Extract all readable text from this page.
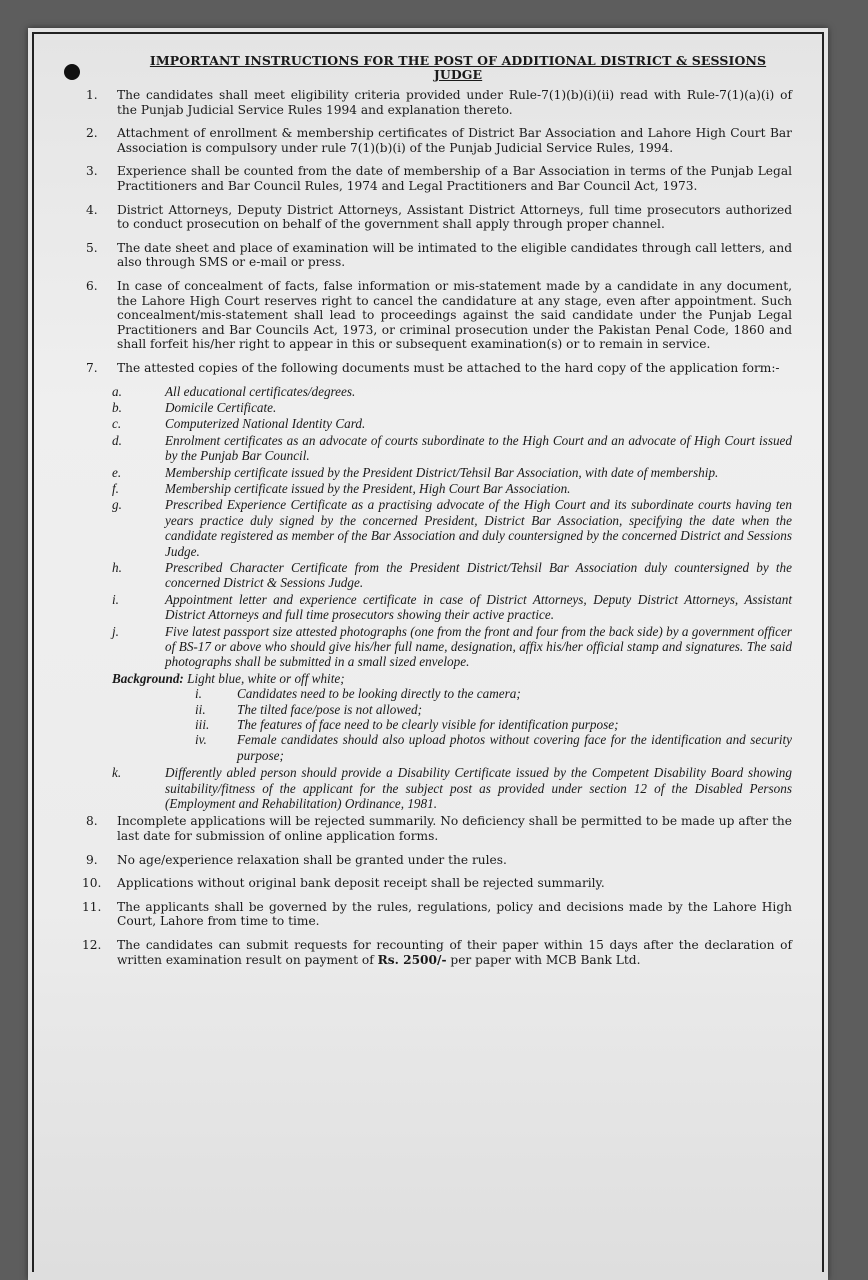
IMPORTANT INSTRUCTIONS FOR THE POST OF ADDITIONAL DISTRICT & SESSIONS JUDGE
1.	The candidates shall meet eligibility criteria provided under Rule-7(1)(b)(i)(ii) read with Rule-7(1)(a)(i) of the Punjab Judicial Service Rules 1994 and explanation thereto.
2.	Attachment of enrollment & membership certificates of District Bar Association and Lahore High Court Bar Association is compulsory under rule 7(1)(b)(i) of the Punjab Judicial Service Rules, 1994.
3.	Experience shall be counted from the date of membership of a Bar Association in terms of the Punjab Legal Practitioners and Bar Council Rules, 1974 and Legal Practitioners and Bar Council Act, 1973.
4.	District Attorneys, Deputy District Attorneys, Assistant District Attorneys, full time prosecutors authorized to conduct prosecution on behalf of the government shall apply through proper channel.
5.	The date sheet and place of examination will be intimated to the eligible candidates through call letters, and also through SMS or e-mail or press.
6.	In case of concealment of facts, false information or mis-statement made by a candidate in any document, the Lahore High Court reserves right to cancel the candidature at any stage, even after appointment. Such concealment/mis-statement shall lead to proceedings against the said candidate under the Punjab Legal Practitioners and Bar Councils Act, 1973, or criminal prosecution under the Pakistan Penal Code, 1860 and shall forfeit his/her right to appear in this or subsequent examination(s) or to remain in service.
7.	The attested copies of the following documents must be attached to the hard copy of the application form:-
a.	All educational certificates/degrees.
b.	Domicile Certificate.
c.	Computerized National Identity Card.
d.	Enrolment certificates as an advocate of courts subordinate to the High Court and an advocate of High Court issued by the Punjab Bar Council.
e.	Membership certificate issued by the President District/Tehsil Bar Association, with date of membership.
f.	Membership certificate issued by the President, High Court Bar Association.
g.	Prescribed Experience Certificate as a practising advocate of the High Court and its subordinate courts having ten years practice duly signed by the concerned President, District Bar Association, specifying the date when the candidate registered as member of the Bar Association and duly countersigned by the concerned District and Sessions Judge.
h.	Prescribed Character Certificate from the President District/Tehsil Bar Association duly countersigned by the concerned District & Sessions Judge.
i.	Appointment letter and experience certificate in case of District Attorneys, Deputy District Attorneys, Assistant District Attorneys and full time prosecutors showing their active practice.
j.	Five latest passport size attested photographs (one from the front and four from the back side) by a government officer of BS-17 or above who should give his/her full name, designation, affix his/her official stamp and signatures. The said photographs shall be submitted in a small sized envelope.
Background: Light blue, white or off white;
i.	Candidates need to be looking directly to the camera;
ii. The tilted face/pose is not allowed;
iii. The features of face need to be clearly visible for identification purpose;
iv. Female candidates should also upload photos without covering face for the identification and security purpose;
k.	Differently abled person should provide a Disability Certificate issued by the Competent Disability Board showing suitability/fitness of the applicant for the subject post as provided under section 12 of the Disabled Persons (Employment and Rehabilitation) Ordinance, 1981.
8.	Incomplete applications will be rejected summarily. No deficiency shall be permitted to be made up after the last date for submission of online application forms.
9.	No age/experience relaxation shall be granted under the rules.
10.	Applications without original bank deposit receipt shall be rejected summarily.
11.	The applicants shall be governed by the rules, regulations, policy and decisions made by the Lahore High Court, Lahore from time to time.
12.	The candidates can submit requests for recounting of their paper within 15 days after the declaration of written examination result on payment of Rs. 2500/- per paper with MCB Bank Ltd.
